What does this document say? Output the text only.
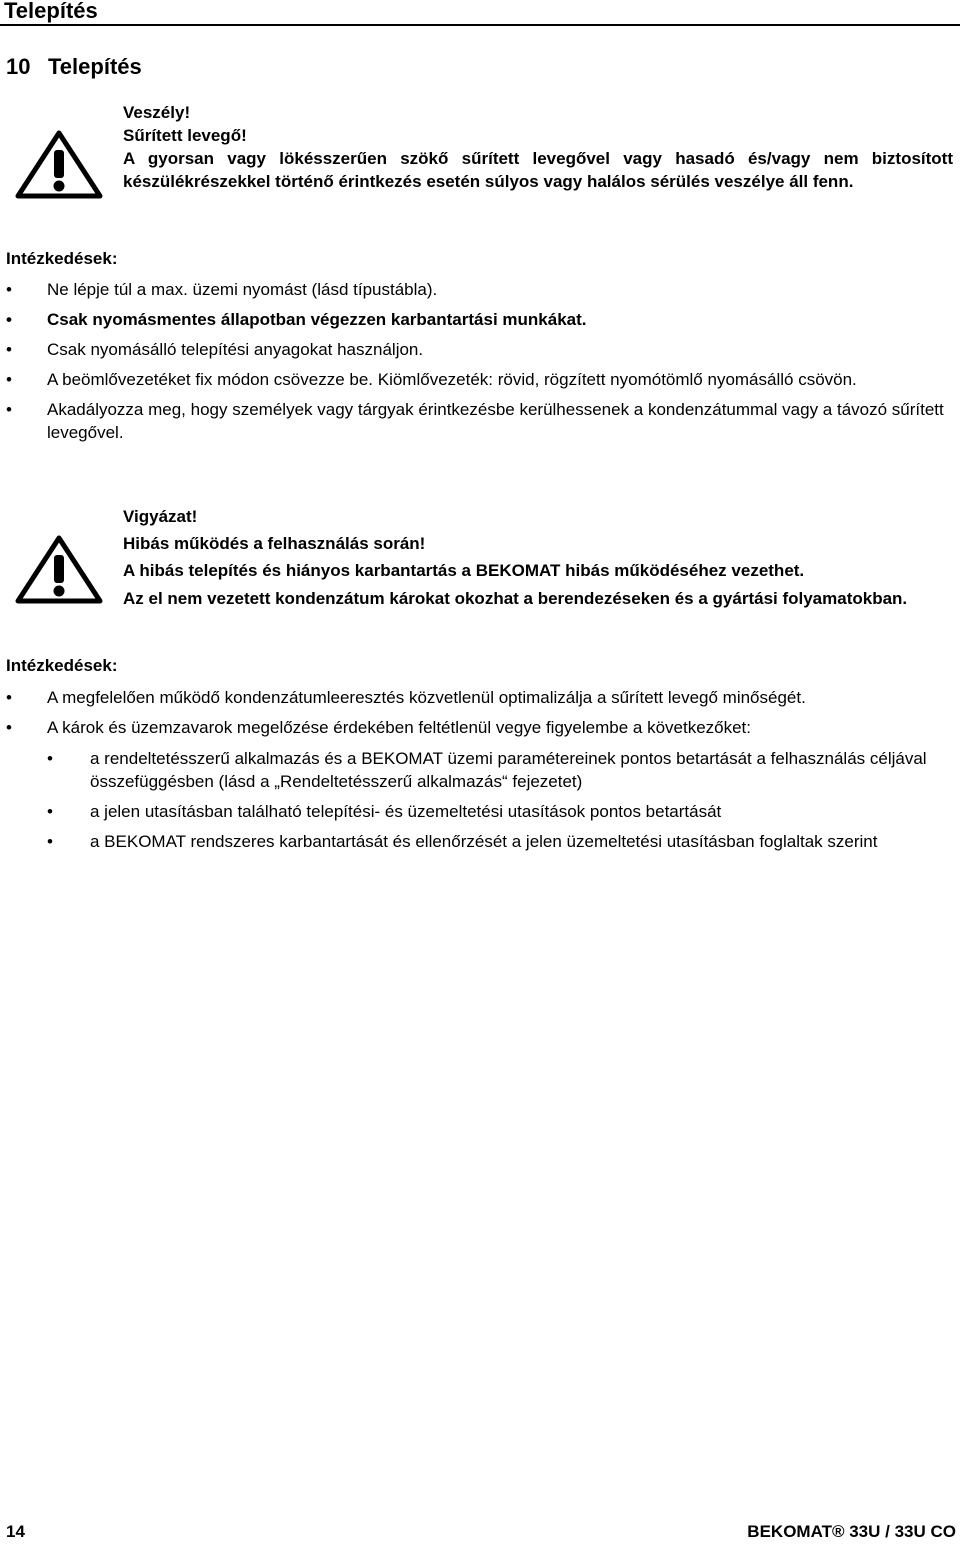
Telepítés
10 Telepítés
Veszély!
Sűrített levegő!
A gyorsan vagy lökésszerűen szökő sűrített levegővel vagy hasadó és/vagy nem biztosított készülékrészekkel történő érintkezés esetén súlyos vagy halálos sérülés veszélye áll fenn.
Intézkedések:
• Ne lépje túl a max. üzemi nyomást (lásd típustábla).
• Csak nyomásmentes állapotban végezzen karbantartási munkákat.
• Csak nyomásálló telepítési anyagokat használjon.
• A beömlővezetéket fix módon csövezze be. Kiömlővezeték: rövid, rögzített nyomótömlő nyomásálló csövön.
• Akadályozza meg, hogy személyek vagy tárgyak érintkezésbe kerülhessenek a kondenzátummal vagy a távozó sűrített levegővel.
Vigyázat!
Hibás működés a felhasználás során!
A hibás telepítés és hiányos karbantartás a BEKOMAT hibás működéséhez vezethet.
Az el nem vezetett kondenzátum károkat okozhat a berendezéseken és a gyártási folyamatokban.
Intézkedések:
• A megfelelően működő kondenzátumleeresztés közvetlenül optimalizálja a sűrített levegő minőségét.
• A károk és üzemzavarok megelőzése érdekében feltétlenül vegye figyelembe a következőket:
• a rendeltetésszerű alkalmazás és a BEKOMAT üzemi paramétereinek pontos betartását a felhasználás céljával összefüggésben (lásd a „Rendeltetésszerű alkalmazás“ fejezetet)
• a jelen utasításban található telepítési- és üzemeltetési utasítások pontos betartását
• a BEKOMAT rendszeres karbantartását és ellenőrzését a jelen üzemeltetési utasításban foglaltak szerint
14	BEKOMAT® 33U / 33U CO
